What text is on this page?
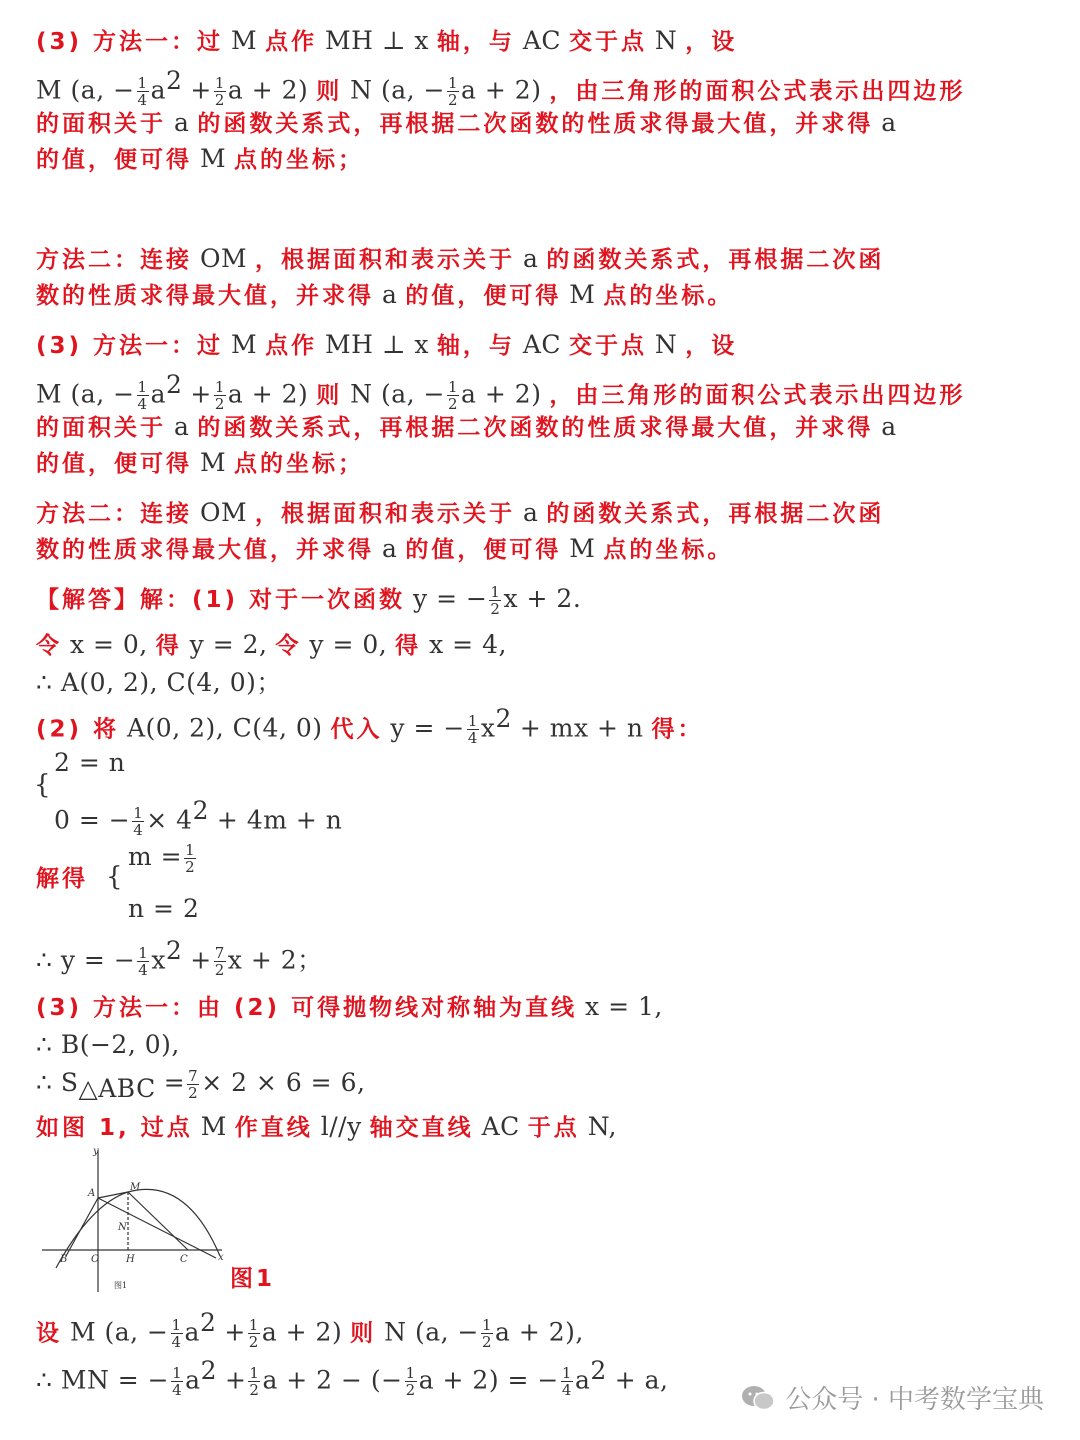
(3) 方法一：过 M 点作 MH ⊥ x 轴，与 AC 交于点 N ，设
M (a, − $\frac{1}{4} a^2 + \frac{1}{2}$ a + 2) 则 N (a, − $\frac{1}{2}$ a + 2) ，由三角形的面积公式表示出四边形
的面积关于 a 的函数关系式，再根据二次函数的性质求得最大值，并求得 a
的值，便可得 M 点的坐标；
方法二：连接 OM ，根据面积和表示关于 a 的函数关系式，再根据二次函
数的性质求得最大值，并求得 a 的值，便可得 M 点的坐标。
(3) 方法一：过 M 点作 MH ⊥ x 轴，与 AC 交于点 N ，设
M (a, − $\frac{1}{4} a^2 + \frac{1}{2}$ a + 2) 则 N (a, − $\frac{1}{2}$ a + 2) ，由三角形的面积公式表示出四边形
的面积关于 a 的函数关系式，再根据二次函数的性质求得最大值，并求得 a
的值，便可得 M 点的坐标；
方法二：连接 OM ，根据面积和表示关于 a 的函数关系式，再根据二次函
数的性质求得最大值，并求得 a 的值，便可得 M 点的坐标。
【解答】解：(1) 对于一次函数 y = − $\frac{1}{2}$ x + 2.
令 x = 0, 得 y = 2, 令 y = 0, 得 x = 4,
∴ A(0, 2), C(4, 0)；
(2) 将 A(0, 2), C(4, 0) 代入 y = − $\frac{1}{4} x^2$ + mx + n 得：
{
2 = n
0 = − $\frac{1}{4} \times 4^2 + 4m + n$
解得 {
$m = \frac{1}{2}$
n = 2
∴ y = − $\frac{1}{4} x^2 + \frac{7}{2}$ x + 2；
(3) 方法一：由 (2) 可得抛物线对称轴为直线 x = 1,
∴ B(−2, 0),
∴ $S_{\triangle ABC} = \frac{7}{2} \times 2 \times 6 = 6$,
如图 1, 过点 M 作直线 l//y 轴交直线 AC 于点 N,
y
x
A
M
N
B O	H	C
图1	图1
设 M (a, − $\frac{1}{4} a^2 + \frac{1}{2}$ a + 2) 则 N (a, − $\frac{1}{2}$ a + 2),
∴ MN = − $\frac{1}{4} a^2 + \frac{1}{2}$ a + 2 − (− $\frac{1}{2}$ a + 2) = − $\frac{1}{4} a^2 + a$,
公众号 · 中考数学宝典
